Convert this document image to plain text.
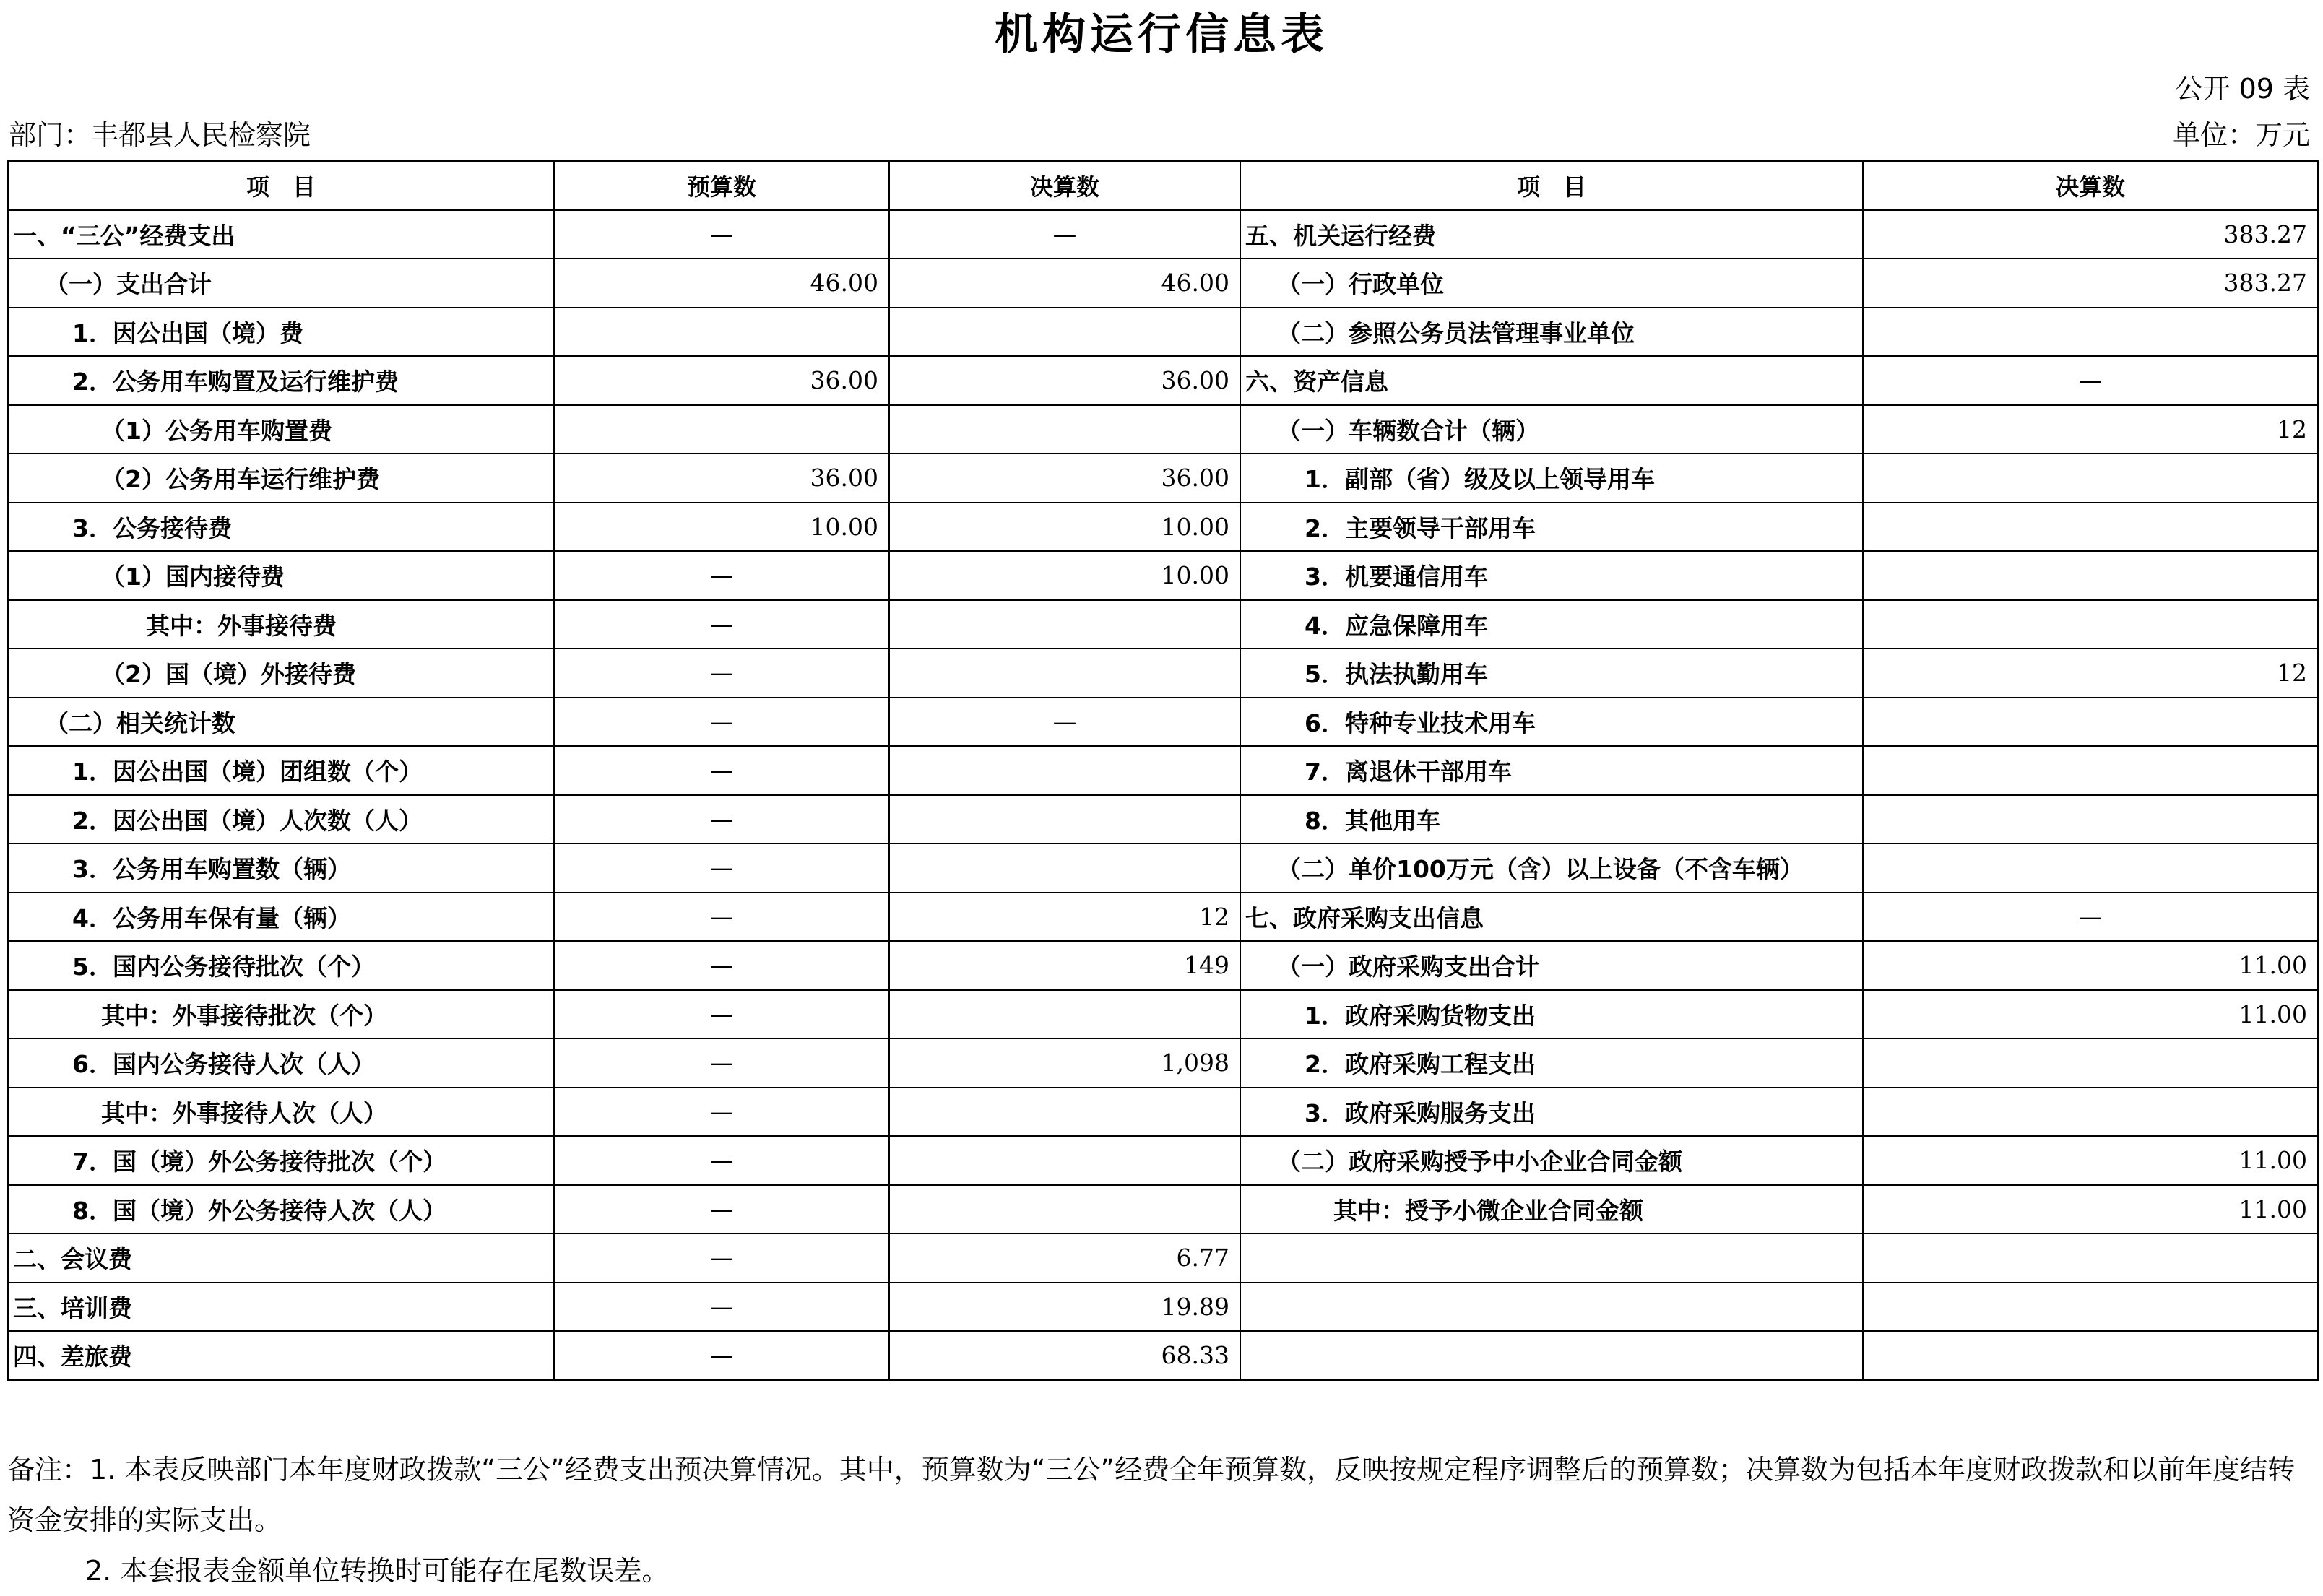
机构运行信息表
公开 09 表
部门：丰都县人民检察院	单位：万元
项　目	预算数	决算数	项　目	决算数
一、“三公”经费支出	—	—	五、机关运行经费	383.27
（一）支出合计	46.00	46.00	（一）行政单位	383.27
1．因公出国（境）费			（二）参照公务员法管理事业单位	
2．公务用车购置及运行维护费	36.00	36.00	六、资产信息	—
（1）公务用车购置费			（一）车辆数合计（辆）	12
（2）公务用车运行维护费	36.00	36.00	1．副部（省）级及以上领导用车	
3．公务接待费	10.00	10.00	2．主要领导干部用车	
（1）国内接待费	—	10.00	3．机要通信用车	
其中：外事接待费	—		4．应急保障用车	
（2）国（境）外接待费	—		5．执法执勤用车	12
（二）相关统计数	—	—	6．特种专业技术用车	
1．因公出国（境）团组数（个）	—		7．离退休干部用车	
2．因公出国（境）人次数（人）	—		8．其他用车	
3．公务用车购置数（辆）	—		（二）单价100万元（含）以上设备（不含车辆）	
4．公务用车保有量（辆）	—	12	七、政府采购支出信息	—
5．国内公务接待批次（个）	—	149	（一）政府采购支出合计	11.00
其中：外事接待批次（个）	—		1．政府采购货物支出	11.00
6．国内公务接待人次（人）	—	1,098	2．政府采购工程支出	
其中：外事接待人次（人）	—		3．政府采购服务支出	
7．国（境）外公务接待批次（个）	—		（二）政府采购授予中小企业合同金额	11.00
8．国（境）外公务接待人次（人）	—		其中：授予小微企业合同金额	11.00
二、会议费	—	6.77		
三、培训费	—	19.89		
四、差旅费	—	68.33		
备注：1. 本表反映部门本年度财政拨款“三公”经费支出预决算情况。其中，预算数为“三公”经费全年预算数，反映按规定程序调整后的预算数；决算数为包括本年度财政拨款和以前年度结转
资金安排的实际支出。
2. 本套报表金额单位转换时可能存在尾数误差。
